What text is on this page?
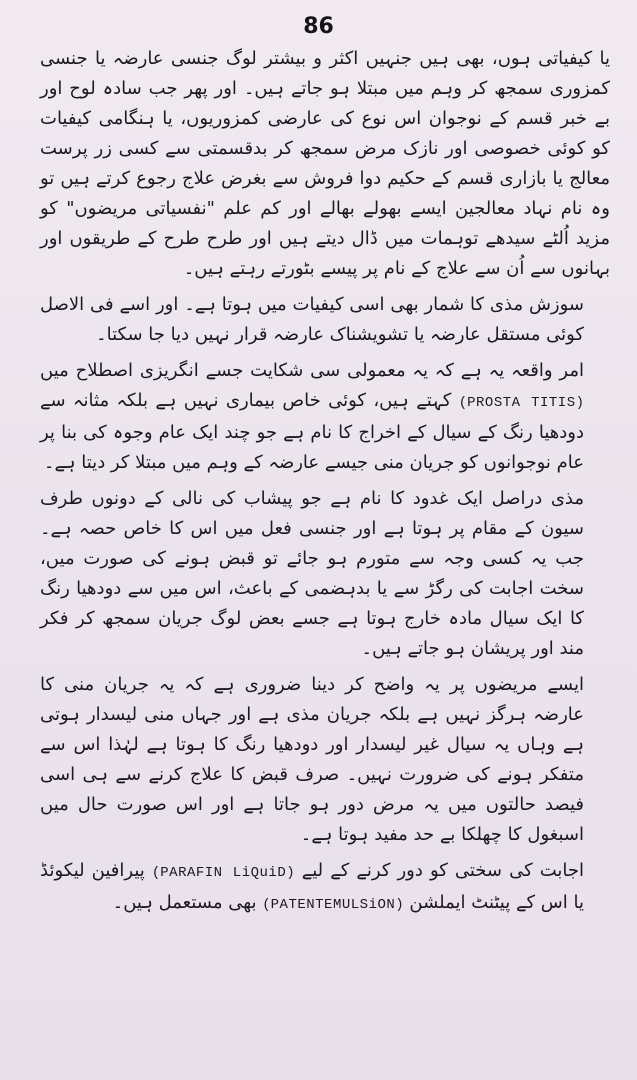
86

یا کیفیاتی ہوں، بھی ہیں جنہیں اکثر و بیشتر لوگ جنسی عارضہ یا جنسی کمزوری سمجھ کر وہم میں مبتلا ہو جاتے ہیں۔ اور پھر جب سادہ لوح اور بے خبر قسم کے نوجوان اس نوع کی عارضی کمزوریوں، یا ہنگامی کیفیات کو کوئی خصوصی اور نازک مرض سمجھ کر بدقسمتی سے کسی زر پرست معالج یا بازاری قسم کے حکیم دوا فروش سے بغرض علاج رجوع کرتے ہیں تو وہ نام نہاد معالجین ایسے بھولے بھالے اور کم علم "نفسیاتی مریضوں" کو مزید اُلٹے سیدھے توہمات میں ڈال دیتے ہیں اور طرح طرح کے طریقوں اور بہانوں سے اُن سے علاج کے نام پر پیسے بٹورتے رہتے ہیں۔

سوزش مذی کا شمار بھی اسی کیفیات میں ہوتا ہے۔ اور اسے فی الاصل کوئی مستقل عارضہ یا تشویشناک عارضہ قرار نہیں دیا جا سکتا۔

امر واقعہ یہ ہے کہ یہ معمولی سی شکایت جسے انگریزی اصطلاح میں (PROSTA TITIS) کہتے ہیں، کوئی خاص بیماری نہیں ہے بلکہ مثانہ سے دودھیا رنگ کے سیال کے اخراج کا نام ہے جو چند ایک عام وجوہ کی بنا پر عام نوجوانوں کو جریان منی جیسے عارضہ کے وہم میں مبتلا کر دیتا ہے۔

مذی دراصل ایک غدود کا نام ہے جو پیشاب کی نالی کے دونوں طرف سیون کے مقام پر ہوتا ہے اور جنسی فعل میں اس کا خاص حصہ ہے۔ جب یہ کسی وجہ سے متورم ہو جائے تو قبض ہونے کی صورت میں، سخت اجابت کی رگڑ سے یا بدہضمی کے باعث، اس میں سے دودھیا رنگ کا ایک سیال مادہ خارج ہوتا ہے جسے بعض لوگ جریان سمجھ کر فکر مند اور پریشان ہو جاتے ہیں۔

ایسے مریضوں پر یہ واضح کر دینا ضروری ہے کہ یہ جریان منی کا عارضہ ہرگز نہیں ہے بلکہ جریان مذی ہے اور جہاں منی لیسدار ہوتی ہے وہاں یہ سیال غیر لیسدار اور دودھیا رنگ کا ہوتا ہے لہٰذا اس سے متفکر ہونے کی ضرورت نہیں۔ صرف قبض کا علاج کرنے سے ہی اسی فیصد حالتوں میں یہ مرض دور ہو جاتا ہے اور اس صورت حال میں اسبغول کا چھلکا بے حد مفید ہوتا ہے۔

اجابت کی سختی کو دور کرنے کے لیے (PARAFIN LiQuiD) پیرافین لیکوئڈ یا اس کے پیٹنٹ ایملشن (PATENTEMULSiON) بھی مستعمل ہیں۔
